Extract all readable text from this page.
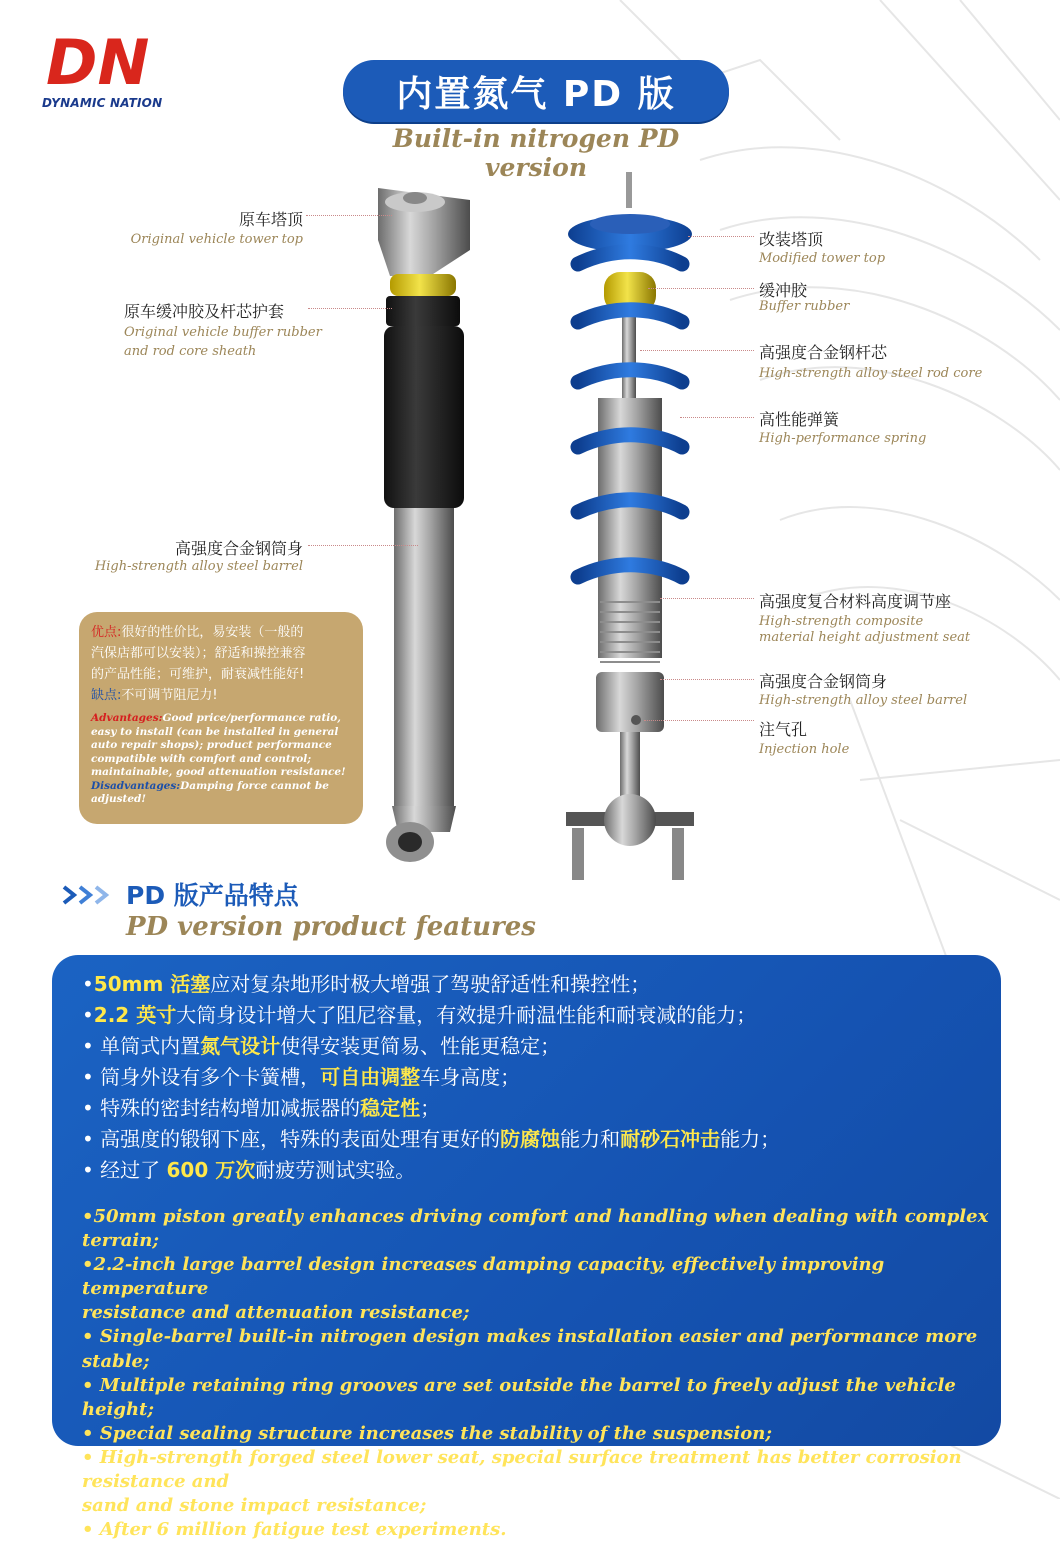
DN
DYNAMIC NATION	内置氮气 PD 版
Built-in nitrogen PD version
原车塔顶
Original vehicle tower top
原车缓冲胶及杆芯护套
Original vehicle buffer rubber
and rod core sheath
高强度合金钢筒身
High-strength alloy steel barrel
改装塔顶
Modified tower top
缓冲胶
Buffer rubber
高强度合金钢杆芯
High-strength alloy steel rod core
高性能弹簧
High-performance spring
高强度复合材料高度调节座
High-strength composite
material height adjustment seat
高强度合金钢筒身
High-strength alloy steel barrel
注气孔
Injection hole
优点:很好的性价比，易安装（一般的
汽保店都可以安装）；舒适和操控兼容
的产品性能；可维护，耐衰减性能好!
缺点:不可调节阻尼力!
Advantages:Good price/performance ratio,
easy to install (can be installed in general
auto repair shops); product performance
compatible with comfort and control;
maintainable, good attenuation resistance!
Disadvantages:Damping force cannot be
adjusted!
PD 版产品特点
PD version product features
•50mm 活塞应对复杂地形时极大增强了驾驶舒适性和操控性；
•2.2 英寸大筒身设计增大了阻尼容量，有效提升耐温性能和耐衰减的能力；
• 单筒式内置氮气设计使得安装更简易、性能更稳定；
• 筒身外设有多个卡簧槽，可自由调整车身高度；
• 特殊的密封结构增加减振器的稳定性；
• 高强度的锻钢下座，特殊的表面处理有更好的防腐蚀能力和耐砂石冲击能力；
• 经过了 600 万次耐疲劳测试实验。
•50mm piston greatly enhances driving comfort and handling when dealing with complex terrain;
•2.2-inch large barrel design increases damping capacity, effectively improving temperature
resistance and attenuation resistance;
• Single-barrel built-in nitrogen design makes installation easier and performance more stable;
• Multiple retaining ring grooves are set outside the barrel to freely adjust the vehicle height;
• Special sealing structure increases the stability of the suspension;
• High-strength forged steel lower seat, special surface treatment has better corrosion resistance and
sand and stone impact resistance;
• After 6 million fatigue test experiments.
